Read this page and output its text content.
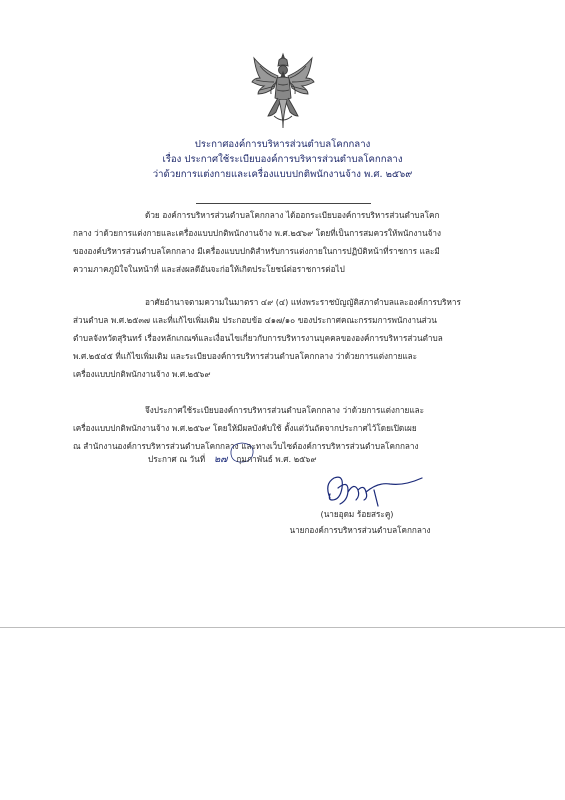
ประกาศองค์การบริหารส่วนตำบลโคกกลาง
เรื่อง ประกาศใช้ระเบียบองค์การบริหารส่วนตำบลโคกกลาง
ว่าด้วยการแต่งกายและเครื่องแบบปกติพนักงานจ้าง พ.ศ. ๒๕๖๙
ด้วย องค์การบริหารส่วนตำบลโคกกลาง ได้ออกระเบียบองค์การบริหารส่วนตำบลโคก
กลาง ว่าด้วยการแต่งกายและเครื่องแบบปกติพนักงานจ้าง พ.ศ.๒๕๖๙ โดยที่เป็นการสมควรให้พนักงานจ้าง
ขององค์บริหารส่วนตำบลโคกกลาง มีเครื่องแบบปกติสำหรับการแต่งกายในการปฏิบัติหน้าที่ราชการ และมี
ความภาคภูมิใจในหน้าที่ และส่งผลดีอันจะก่อให้เกิดประโยชน์ต่อราชการต่อไป
อาศัยอำนาจตามความในมาตรา ๔๙ (๔) แห่งพระราชบัญญัติสภาตำบลและองค์การบริหาร
ส่วนตำบล พ.ศ.๒๕๓๗ และที่แก้ไขเพิ่มเติม ประกอบข้อ ๔๑๗/๑๐ ของประกาศคณะกรรมการพนักงานส่วน
ตำบลจังหวัดสุรินทร์ เรื่องหลักเกณฑ์และเงื่อนไขเกี่ยวกับการบริหารงานบุคคลขององค์การบริหารส่วนตำบล
พ.ศ.๒๕๔๕ ที่แก้ไขเพิ่มเติม และระเบียบองค์การบริหารส่วนตำบลโคกกลาง ว่าด้วยการแต่งกายและ
เครื่องแบบปกติพนักงานจ้าง พ.ศ.๒๕๖๙
จึงประกาศใช้ระเบียบองค์การบริหารส่วนตำบลโคกกลาง ว่าด้วยการแต่งกายและ
เครื่องแบบปกติพนักงานจ้าง พ.ศ.๒๕๖๙ โดยให้มีผลบังคับใช้ ตั้งแต่วันถัดจากประกาศไว้โดยเปิดเผย
ณ สำนักงานองค์การบริหารส่วนตำบลโคกกลาง และทางเว็บไซต์องค์การบริหารส่วนตำบลโคกกลาง
ประกาศ ณ วันที่ ๒๗ กุมภาพันธ์ พ.ศ. ๒๕๖๙
(นายอุดม ร้อยสระคู)
นายกองค์การบริหารส่วนตำบลโคกกลาง
